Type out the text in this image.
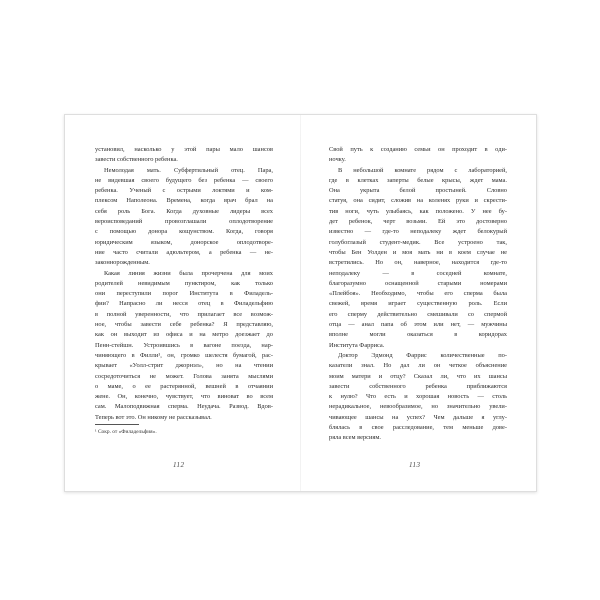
установил, насколько у этой пары мало шансов
завести собственного ребенка.
Немолодая мать. Субфертильный отец. Пара,
не видевшая своего будущего без ребенка — своего
ребенка. Ученый с острыми локтями и ком-
плексом Наполеона. Времена, когда врач брал на
себя роль Бога. Когда духовные лидеры всех
вероисповеданий провозглашали оплодотворение
с помощью донора кощунством. Когда, говоря
юридическим языком, донорское оплодотворе-
ние часто считали адюльтером, а ребенка — не-
законнорожденным.
Какая линия жизни была прочерчена для моих
родителей невидимым пунктиром, как только
они переступили порог Института в Филадель-
фии? Напрасно ли несся отец в Филадельфию
в полной уверенности, что прилагает все возмож-
ное, чтобы завести себе ребенка? Я представляю,
как он выходит из офиса и на метро доезжает до
Пенн-стейшн. Устроившись в вагоне поезда, нар-
чиняющего в Филли¹, он, громко шелестя бумагой, рас-
крывает «Уолл-стрит джорнэл», но на чтении
сосредоточиться не может. Голова занята мыслями
о маме, о ее растерянной, вешней в отчаянии
жене. Он, конечно, чувствует, что виноват во всем
сам. Малоподвижная сперма. Неудача. Развод. Вдов-
Теперь вот это. Он никому не рассказывал.
¹ Сокр. от «Филадельфия».
112
Свой путь к созданию семьи он проходит в оди-
ночку.
В небольшой комнате рядом с лабораторией,
где в клетках заперты белые крысы, ждет мама.
Она укрыта белой простыней. Словно
статуя, она сидит, сложив на коленях руки и скрести-
тив ноги, чуть улыбаясь, как положено. У нее бу-
дет ребенок, черт возьми. Ей это достоверно
известно — где-то неподалеку ждет белокурый
голубоглазый студент-медик. Все устроено так,
чтобы Бен Уолден и моя мать ни в коем случае не
встретились. Но он, наверное, находится где-то
неподалеку — в соседней комнате,
благоразумно оснащенной старыми номерами
«Плейбоя». Необходимо, чтобы его сперма была
свежей, время играет существенную роль. Если
его сперму действительно смешивали со спермой
отца — анал папа об этом или нет, — мужчины
вполне могли оказаться в коридорах
Института Фарриса.
Доктор Эдмонд Фаррис количественные по-
казатели знал. Но дал ли он четкое объяснение
моим матери и отцу? Сказал ли, что их шансы
завести собственного ребенка приближаются
к нулю? Что есть и хорошая новость — столь
нерадикальное, невообразимое, но значительно увели-
чивающее шансы на успех? Чем дальше я углу-
блялась в свое расследование, тем меньше дове-
ряла всем версиям.
113
